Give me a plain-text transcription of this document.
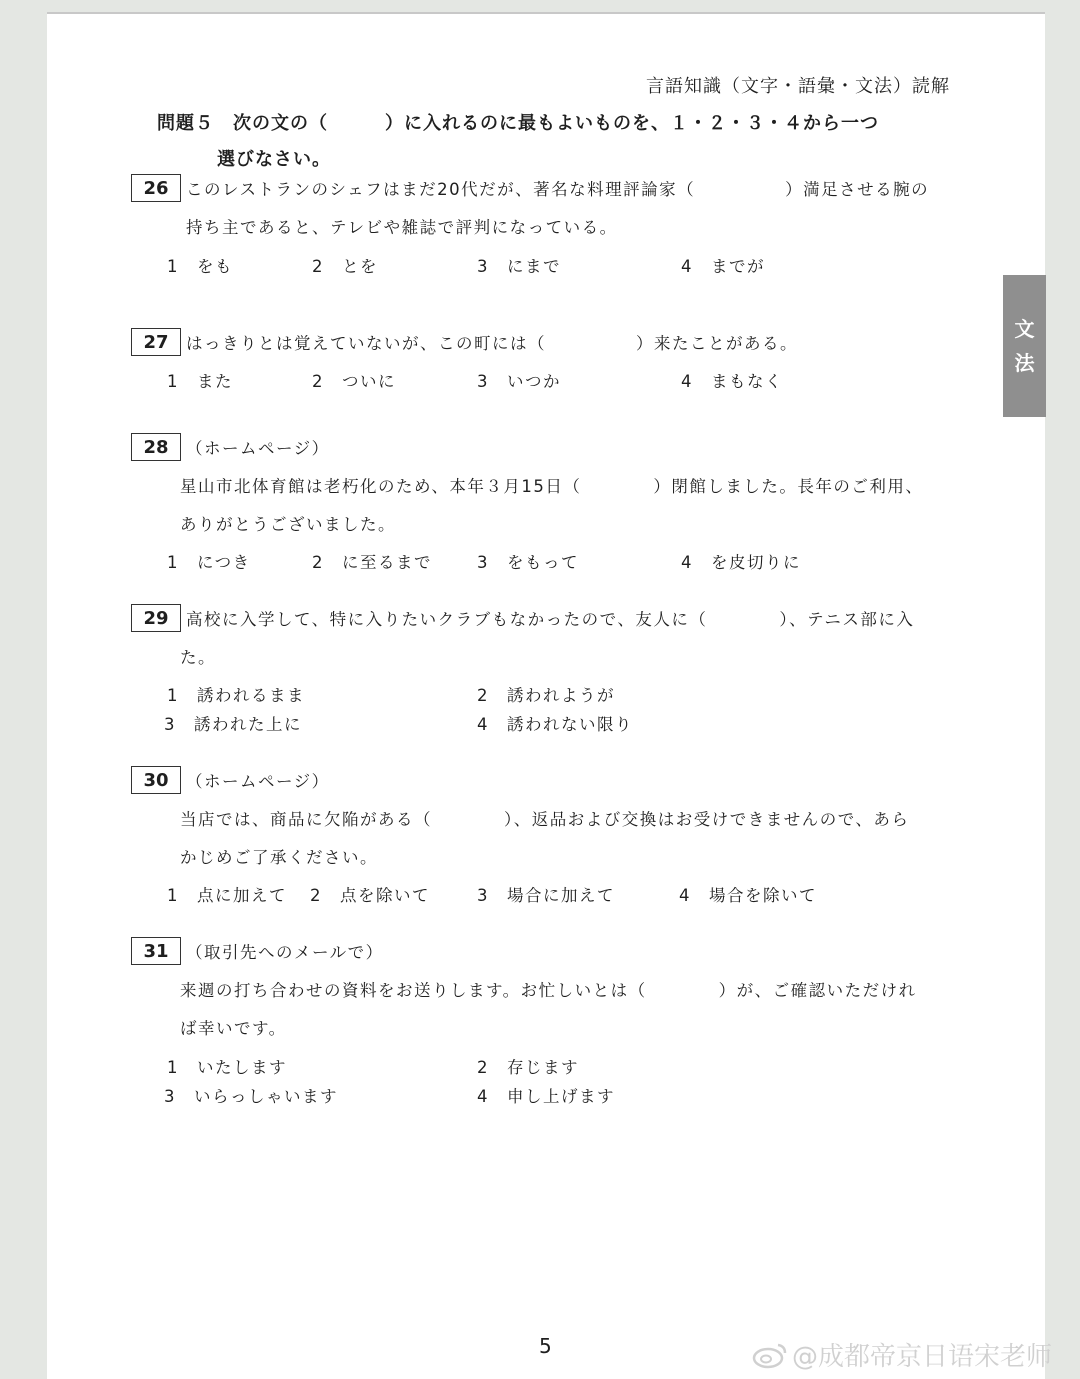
言語知識（文字・語彙・文法）読解
問題５　次の文の（　　　）に入れるのに最もよいものを、１・２・３・４から一つ
選びなさい。
26	このレストランのシェフはまだ20代だが、著名な料理評論家（　　　　　）満足させる腕の
持ち主であると、テレビや雑誌で評判になっている。
1　をも	2　とを	3　にまで	4　までが
27	はっきりとは覚えていないが、この町には（　　　　　）来たことがある。
1　また	2　ついに	3　いつか	4　まもなく
28	（ホームページ）
星山市北体育館は老朽化のため、本年３月15日（　　　　）閉館しました。長年のご利用、
ありがとうございました。
1　につき	2　に至るまで	3　をもって	4　を皮切りに
29	高校に入学して、特に入りたいクラブもなかったので、友人に（　　　　）、テニス部に入
た。
1　誘われるまま	2　誘われようが
3　誘われた上に	4　誘われない限り
30	（ホームページ）
当店では、商品に欠陥がある（　　　　）、返品および交換はお受けできませんので、あら
かじめご了承ください。
1　点に加えて 2　点を除いて	3　場合に加えて	4　場合を除いて
31	（取引先へのメールで）
来週の打ち合わせの資料をお送りします。お忙しいとは（　　　　）が、ご確認いただけれ
ば幸いです。
1　いたします	2　存じます
3　いらっしゃいます	4　申し上げます
5
文
法
@成都帝京日语宋老师
